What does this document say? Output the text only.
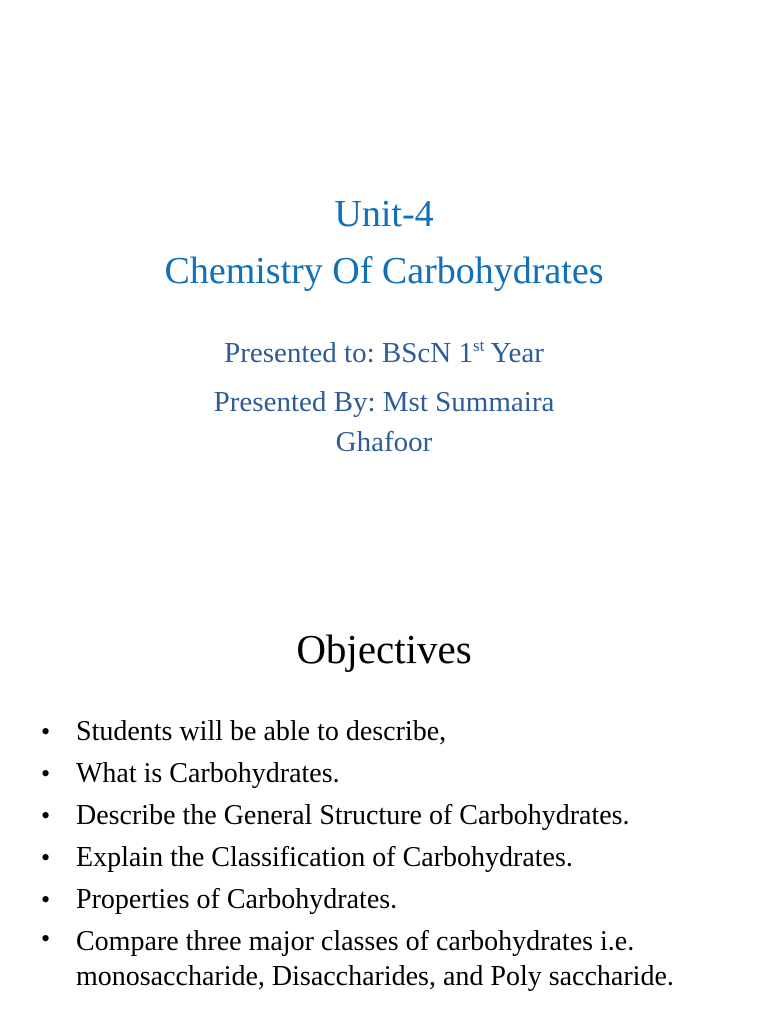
Unit-4
Chemistry Of Carbohydrates
Presented to: BScN 1st Year
Presented By: Mst Summaira
Ghafoor
Objectives
• Students will be able to describe,
• What is Carbohydrates.
• Describe the General Structure of Carbohydrates.
• Explain the Classification of Carbohydrates.
• Properties of Carbohydrates.
• Compare three major classes of carbohydrates i.e. monosaccharide, Disaccharides, and Poly saccharide.
